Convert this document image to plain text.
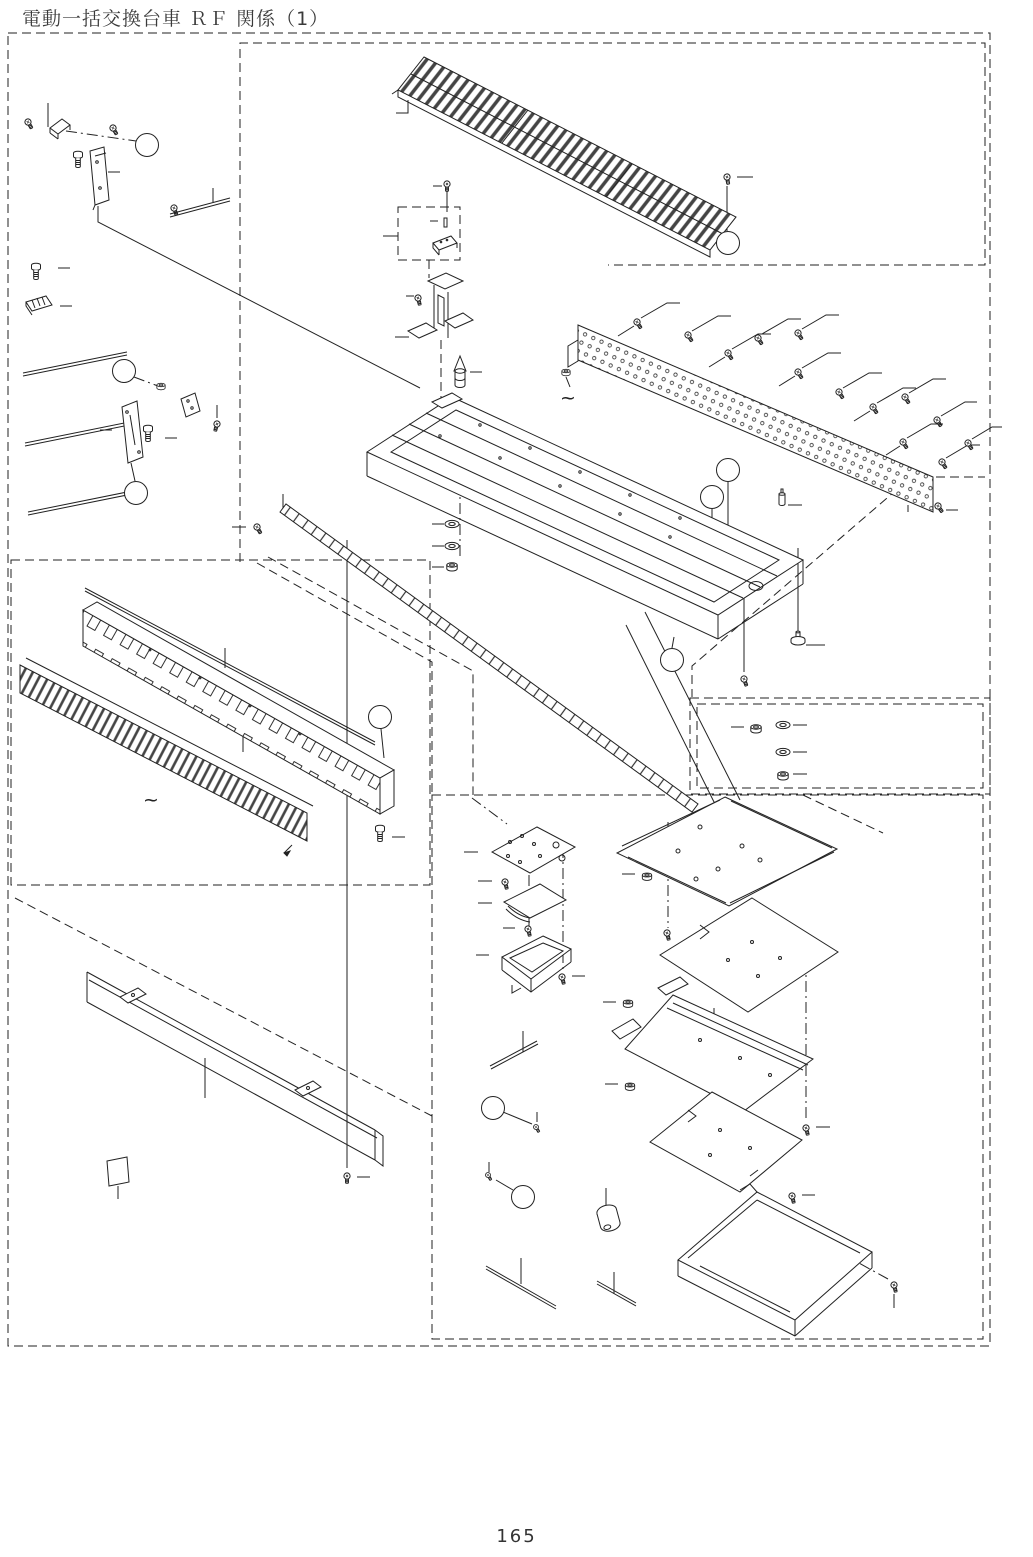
電動一括交換台車 ＲＦ 関係（1）
~
~
165
